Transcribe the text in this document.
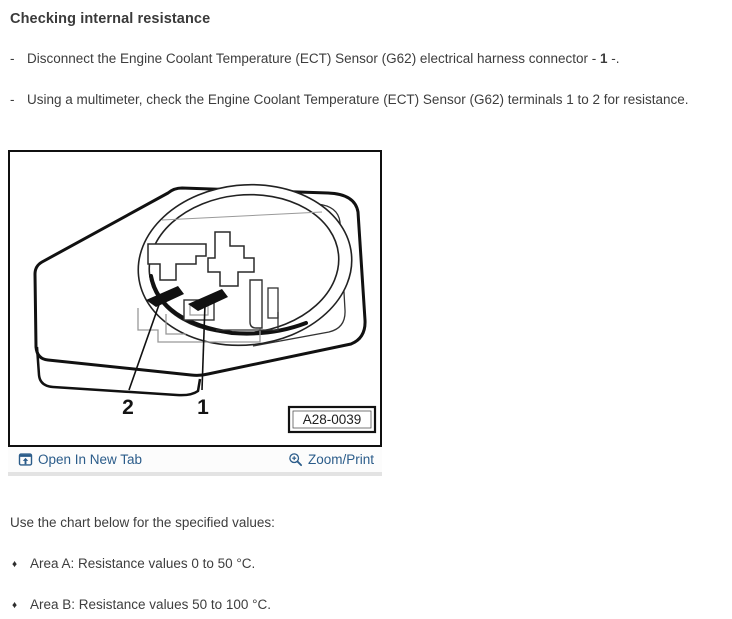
Checking internal resistance
- Disconnect the Engine Coolant Temperature (ECT) Sensor (G62) electrical harness connector - 1 -.

- Using a multimeter, check the Engine Coolant Temperature (ECT) Sensor (G62) terminals 1 to 2 for resistance.

2	1
A28-0039
Open In New Tab	Zoom/Print
Use the chart below for the specified values:
♦ Area A: Resistance values 0 to 50 °C.
♦ Area B: Resistance values 50 to 100 °C.
